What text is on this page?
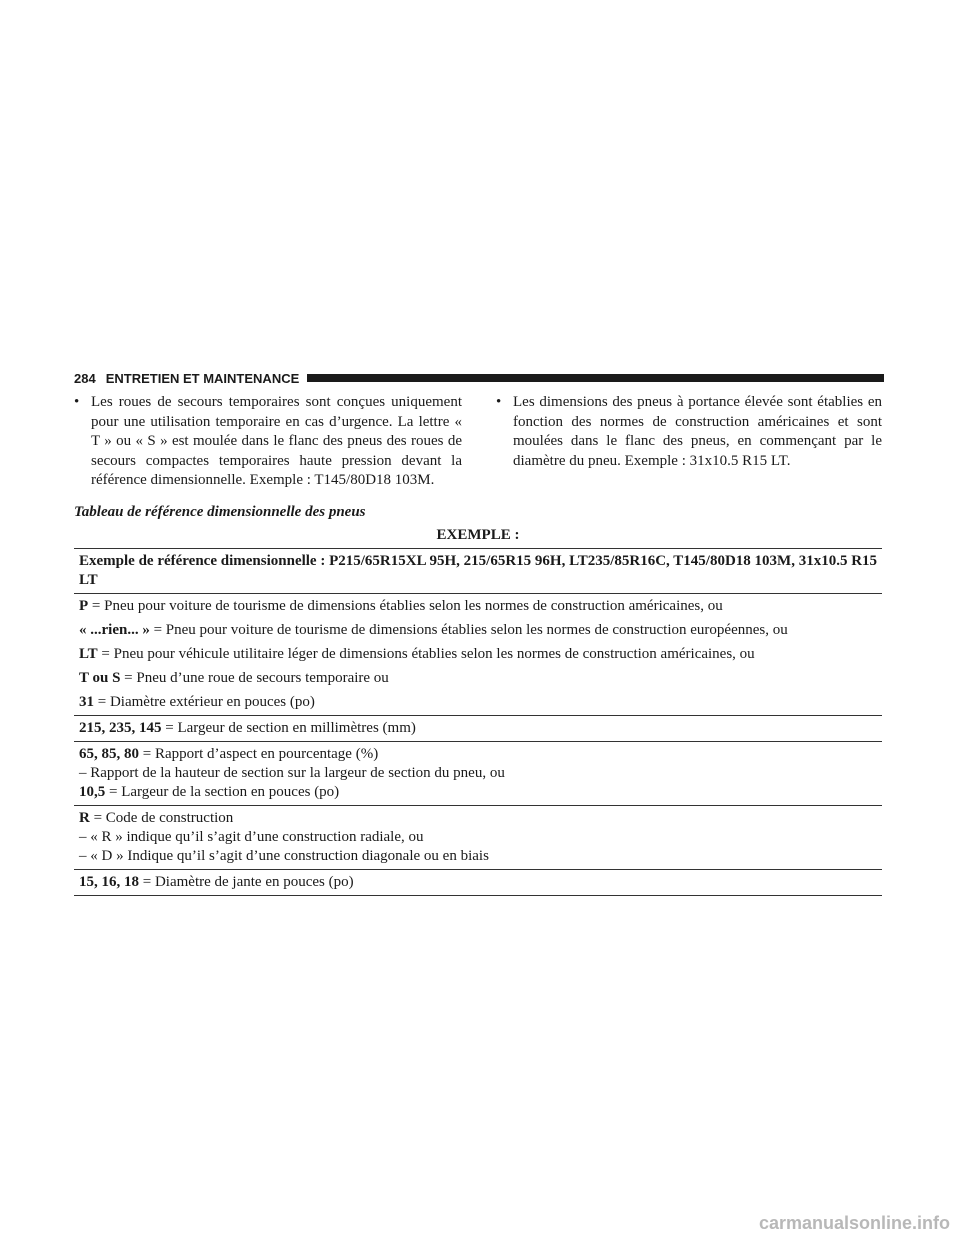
284 ENTRETIEN ET MAINTENANCE
• Les roues de secours temporaires sont conçues uniquement pour une utilisation temporaire en cas d’urgence. La lettre « T » ou « S » est moulée dans le flanc des pneus des roues de secours compactes temporaires haute pression devant la référence dimensionnelle. Exemple : T145/80D18 103M.
• Les dimensions des pneus à portance élevée sont établies en fonction des normes de construction américaines et sont moulées dans le flanc des pneus, en commençant par le diamètre du pneu. Exemple : 31x10.5 R15 LT.
Tableau de référence dimensionnelle des pneus
EXEMPLE :
Exemple de référence dimensionnelle : P215/65R15XL 95H, 215/65R15 96H, LT235/85R16C, T145/80D18 103M, 31x10.5 R15 LT
P = Pneu pour voiture de tourisme de dimensions établies selon les normes de construction américaines, ou
« ...rien... » = Pneu pour voiture de tourisme de dimensions établies selon les normes de construction européennes, ou
LT = Pneu pour véhicule utilitaire léger de dimensions établies selon les normes de construction américaines, ou
T ou S = Pneu d’une roue de secours temporaire ou
31 = Diamètre extérieur en pouces (po)
215, 235, 145 = Largeur de section en millimètres (mm)
65, 85, 80 = Rapport d’aspect en pourcentage (%)
– Rapport de la hauteur de section sur la largeur de section du pneu, ou
10,5 = Largeur de la section en pouces (po)
R = Code de construction
– « R » indique qu’il s’agit d’une construction radiale, ou
– « D » Indique qu’il s’agit d’une construction diagonale ou en biais
15, 16, 18 = Diamètre de jante en pouces (po)
carmanualsonline.info
